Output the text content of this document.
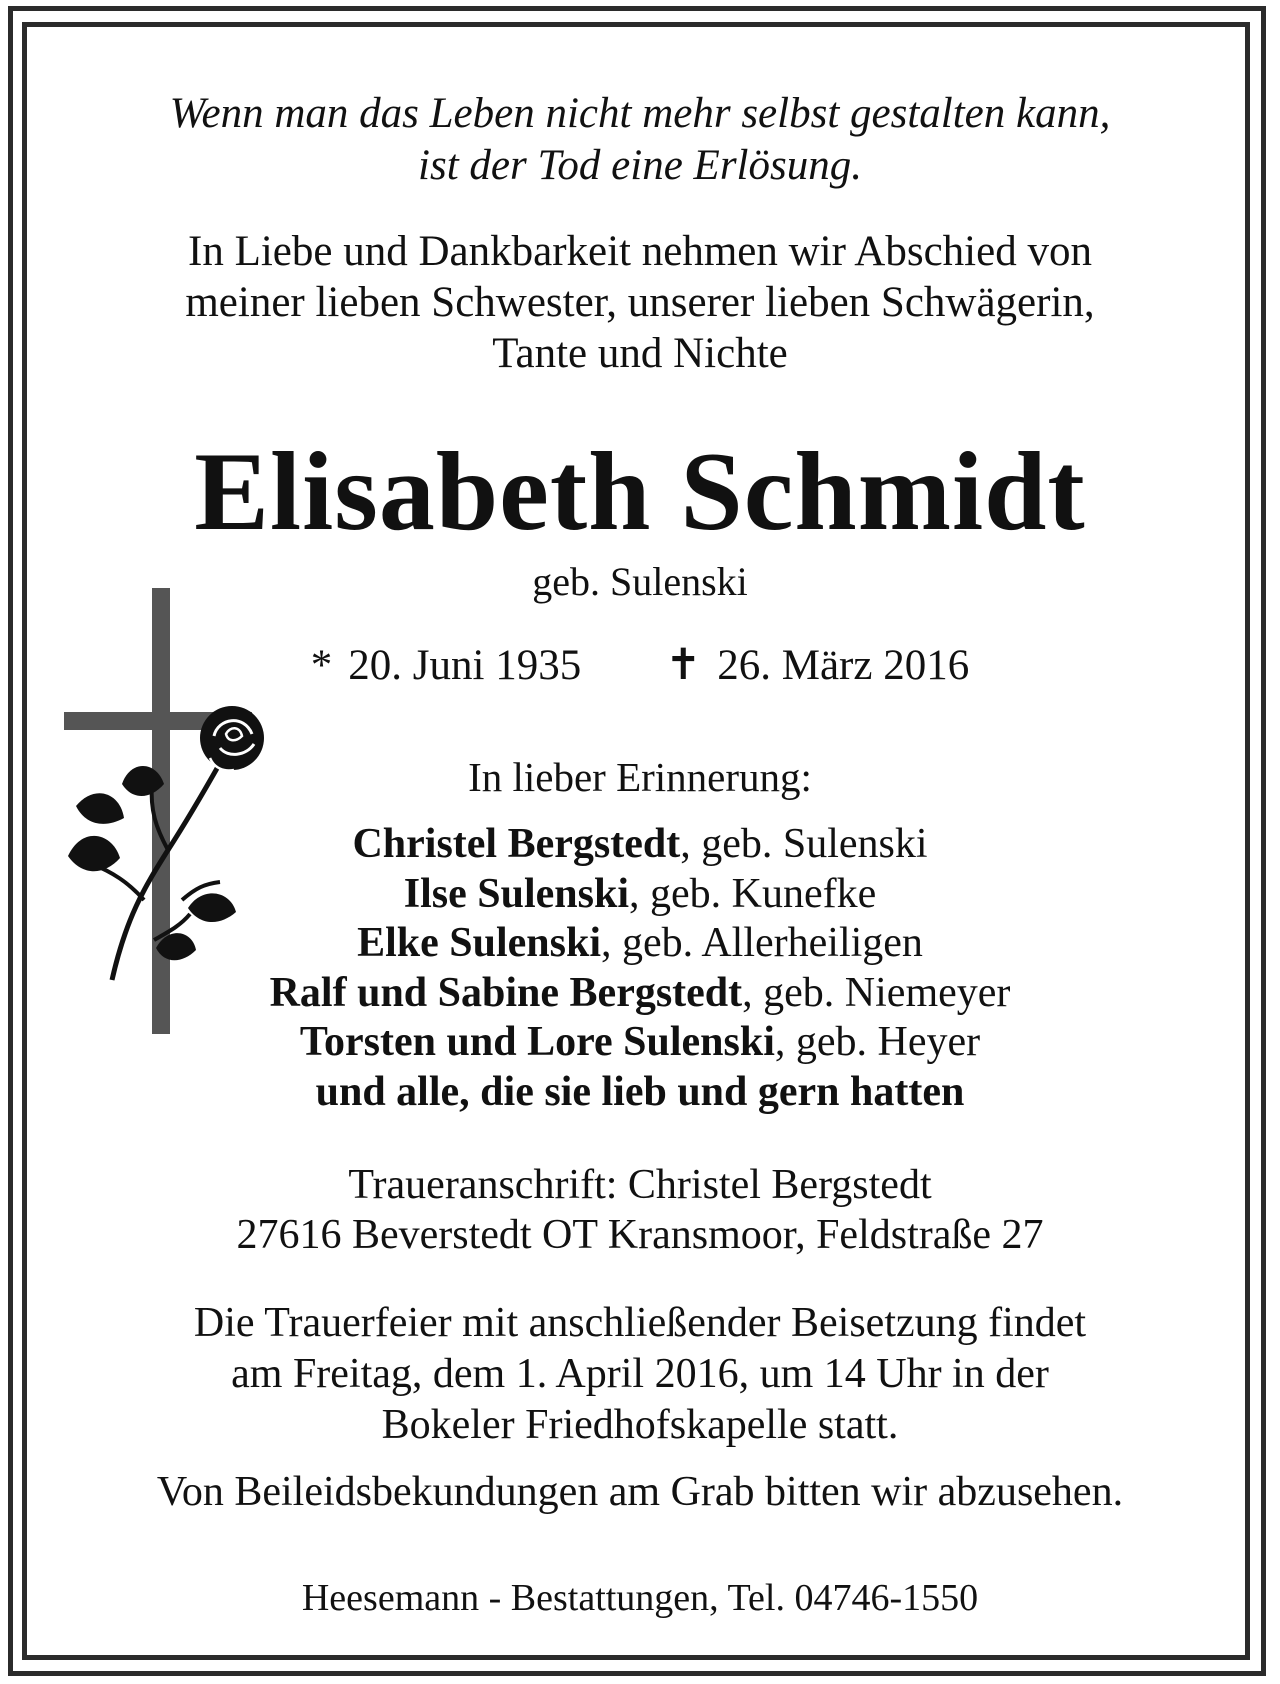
Wenn man das Leben nicht mehr selbst gestalten kann,
ist der Tod eine Erlösung.
In Liebe und Dankbarkeit nehmen wir Abschied von
meiner lieben Schwester, unserer lieben Schwägerin,
Tante und Nichte
Elisabeth Schmidt
geb. Sulenski
* 20. Juni 1935 ✝ 26. März 2016
In lieber Erinnerung:
Christel Bergstedt, geb. Sulenski
Ilse Sulenski, geb. Kunefke
Elke Sulenski, geb. Allerheiligen
Ralf und Sabine Bergstedt, geb. Niemeyer
Torsten und Lore Sulenski, geb. Heyer
und alle, die sie lieb und gern hatten
Traueranschrift: Christel Bergstedt
27616 Beverstedt OT Kransmoor, Feldstraße 27
Die Trauerfeier mit anschließender Beisetzung findet
am Freitag, dem 1. April 2016, um 14 Uhr in der
Bokeler Friedhofskapelle statt.
Von Beileidsbekundungen am Grab bitten wir abzusehen.
Heesemann - Bestattungen, Tel. 04746-1550
